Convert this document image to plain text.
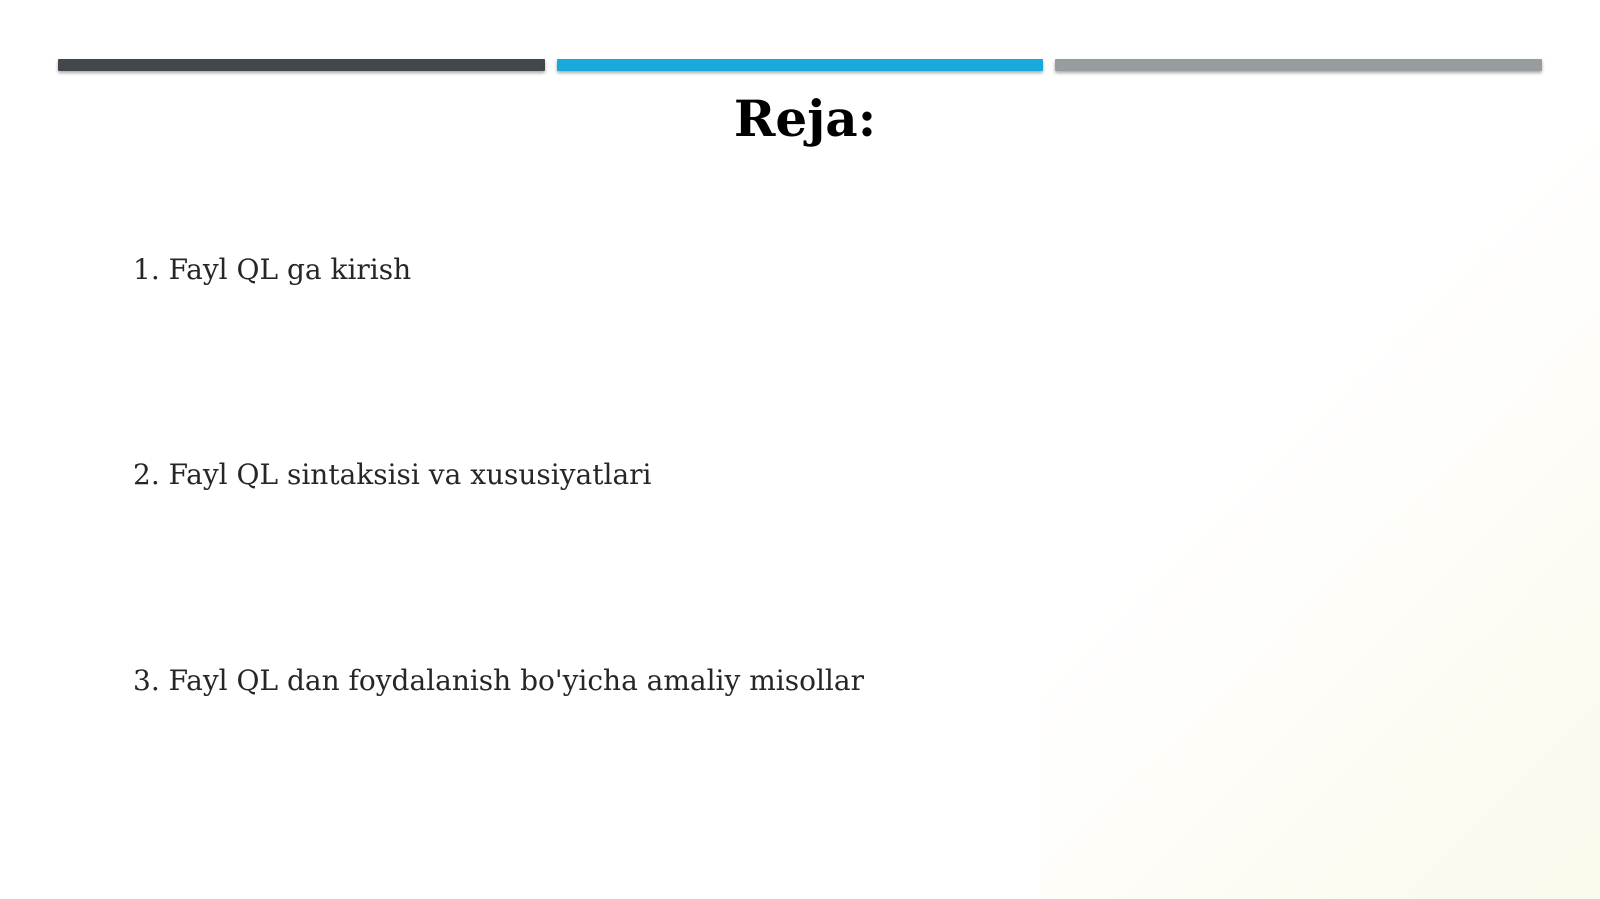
Reja:
1. Fayl QL ga kirish
2. Fayl QL sintaksisi va xususiyatlari
3. Fayl QL dan foydalanish bo'yicha amaliy misollar
